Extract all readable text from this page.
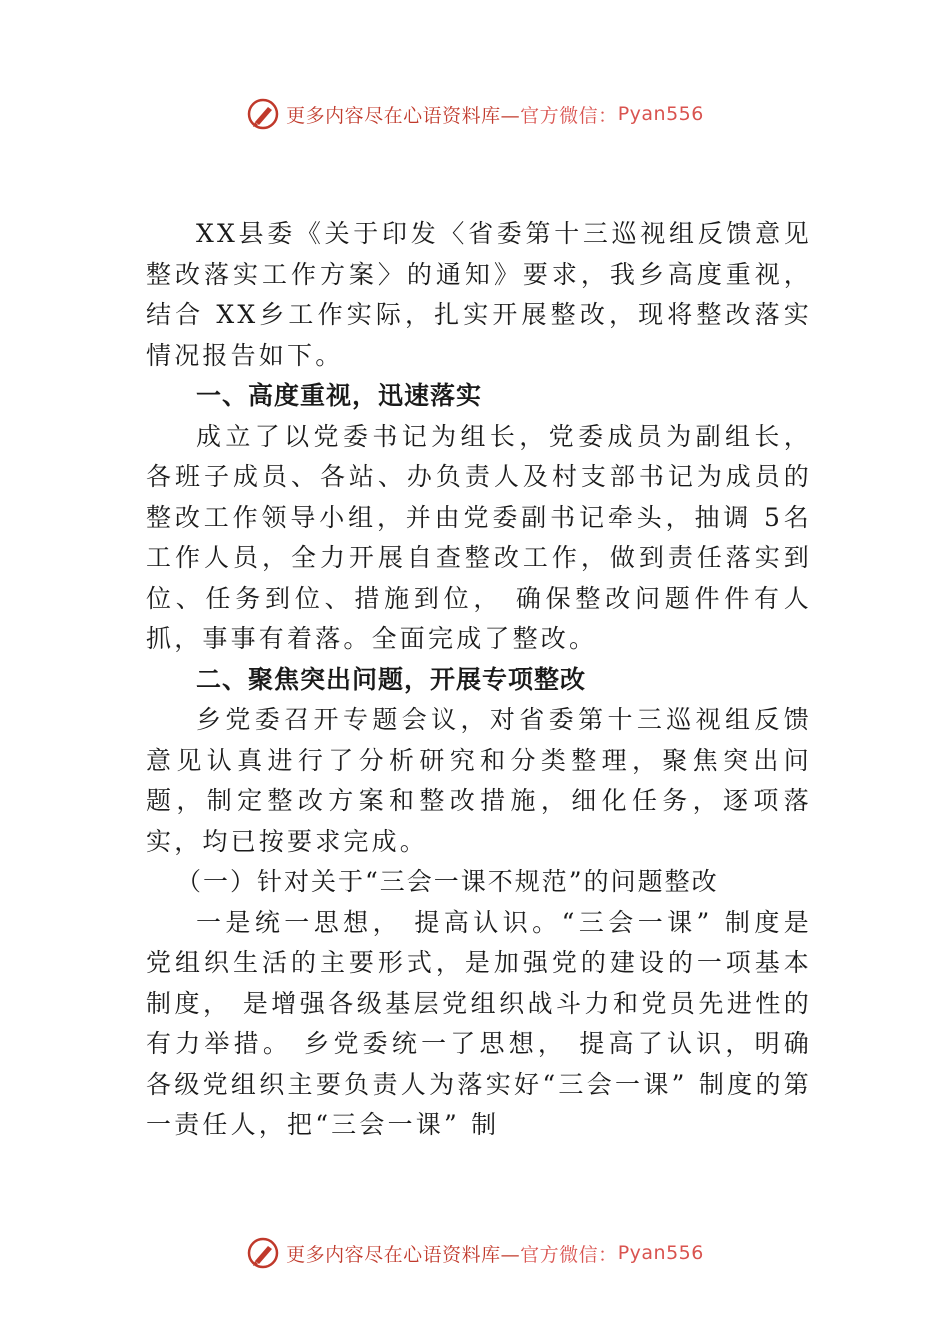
更多内容尽在心语资料库— 官方微信： Pyan556

XX县委《关于印发〈省委第十三巡视组反馈意见整改落实工作方案〉的通知》要求，我乡高度重视，结合 XX乡工作实际，扎实开展整改，现将整改落实情况报告如下。

一、高度重视，迅速落实

成立了以党委书记为组长，党委成员为副组长，各班子成员、各站、办负责人及村支部书记为成员的整改工作领导小组，并由党委副书记牵头，抽调 5名工作人员，全力开展自查整改工作，做到责任落实到位、任务到位、措施到位， 确保整改问题件件有人抓，事事有着落。全面完成了整改。

二、聚焦突出问题，开展专项整改

乡党委召开专题会议，对省委第十三巡视组反馈意见认真进行了分析研究和分类整理，聚焦突出问题，制定整改方案和整改措施，细化任务，逐项落实，均已按要求完成。

（一）针对关于“三会一课不规范”的问题整改

一是统一思想， 提高认识。“三会一课” 制度是党组织生活的主要形式，是加强党的建设的一项基本制度， 是增强各级基层党组织战斗力和党员先进性的有力举措。 乡党委统一了思想， 提高了认识，明确各级党组织主要负责人为落实好“三会一课” 制度的第一责任人，把“三会一课” 制

更多内容尽在心语资料库— 官方微信： Pyan556
